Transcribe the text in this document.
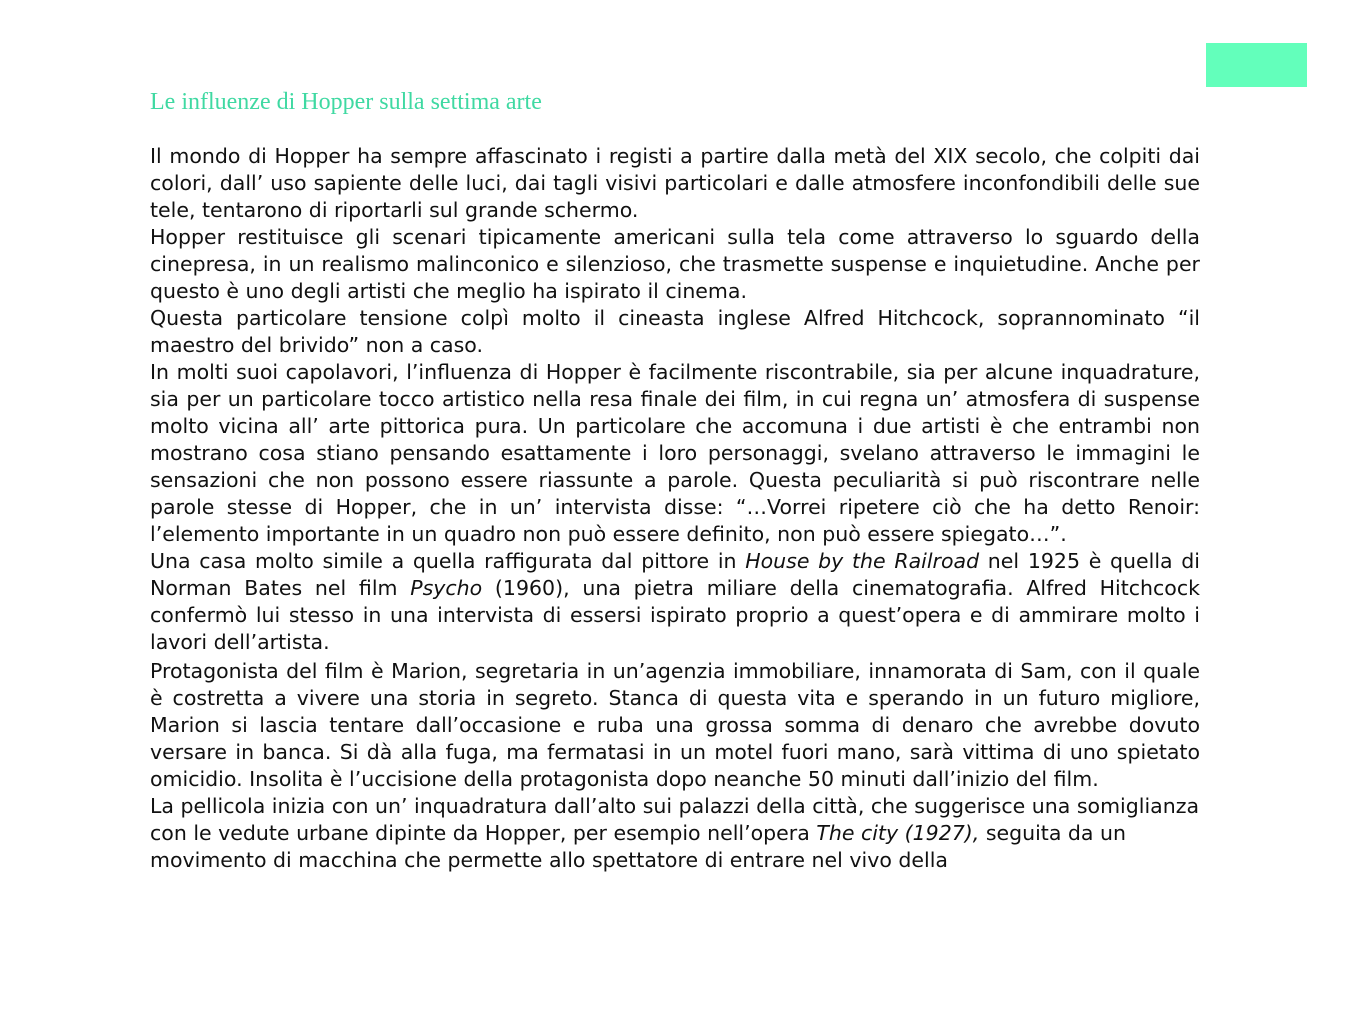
Le influenze di Hopper sulla settima arte

Il mondo di Hopper ha sempre affascinato i registi a partire dalla metà del XIX secolo, che colpiti dai colori, dall’ uso sapiente delle luci, dai tagli visivi particolari e dalle atmosfere inconfondibili delle sue tele, tentarono di riportarli sul grande schermo.

Hopper restituisce gli scenari tipicamente americani sulla tela come attraverso lo sguardo della cinepresa, in un realismo malinconico e silenzioso, che trasmette suspense e inquietudine. Anche per questo è uno degli artisti che meglio ha ispirato il cinema.

Questa particolare tensione colpì molto il cineasta inglese Alfred Hitchcock, soprannominato “il maestro del brivido” non a caso.

In molti suoi capolavori, l’influenza di Hopper è facilmente riscontrabile, sia per alcune inquadrature, sia per un particolare tocco artistico nella resa finale dei film, in cui regna un’ atmosfera di suspense molto vicina all’ arte pittorica pura. Un particolare che accomuna i due artisti è che entrambi non mostrano cosa stiano pensando esattamente i loro personaggi, svelano attraverso le immagini le sensazioni che non possono essere riassunte a parole. Questa peculiarità si può riscontrare nelle parole stesse di Hopper, che in un’ intervista disse: “…Vorrei ripetere ciò che ha detto Renoir: l’elemento importante in un quadro non può essere definito, non può essere spiegato…”.

Una casa molto simile a quella raffigurata dal pittore in House by the Railroad nel 1925 è quella di Norman Bates nel film Psycho (1960), una pietra miliare della cinematografia. Alfred Hitchcock confermò lui stesso in una intervista di essersi ispirato proprio a quest’opera e di ammirare molto i lavori dell’artista.

Protagonista del film è Marion, segretaria in un’agenzia immobiliare, innamorata di Sam, con il quale è costretta a vivere una storia in segreto. Stanca di questa vita e sperando in un futuro migliore, Marion si lascia tentare dall’occasione e ruba una grossa somma di denaro che avrebbe dovuto versare in banca. Si dà alla fuga, ma fermatasi in un motel fuori mano, sarà vittima di uno spietato omicidio. Insolita è l’uccisione della protagonista dopo neanche 50 minuti dall’inizio del film.

La pellicola inizia con un’ inquadratura dall’alto sui palazzi della città, che suggerisce una somiglianza con le vedute urbane dipinte da Hopper, per esempio nell’opera The city (1927), seguita da un movimento di macchina che permette allo spettatore di entrare nel vivo della
